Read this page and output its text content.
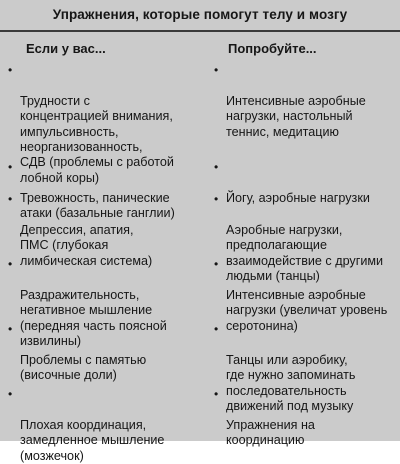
Упражнения, которые помогут телу и мозгу
Если у вас...	Попробуйте...

•

Трудности с
концентрацией внимания,
импульсивность,
неорганизованность,
СДВ (проблемы с работой
лобной коры)

•

Интенсивные аэробные
нагрузки, настольный
теннис, медитацию

•

Тревожность, панические
атаки (базальные ганглии)

•

Йогу, аэробные нагрузки

•

Депрессия, апатия,
ПМС (глубокая
лимбическая система)

•

Аэробные нагрузки,
предполагающие
взаимодействие с другими
людьми (танцы)

•

Раздражительность,
негативное мышление
(передняя часть поясной
извилины)

•

Интенсивные аэробные
нагрузки (увеличат уровень
серотонина)

•

Проблемы с памятью
(височные доли)

•

Танцы или аэробику,
где нужно запоминать
последовательность
движений под музыку

•

Плохая координация,
замедленное мышление
(мозжечок)

•

Упражнения на
координацию
